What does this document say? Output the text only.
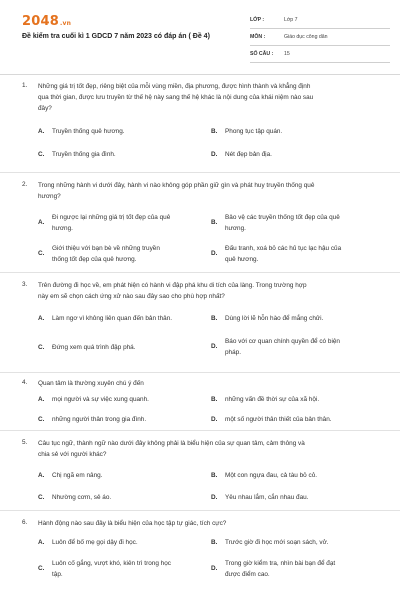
2048.vn
Đề kiểm tra cuối kì 1 GDCD 7 năm 2023 có đáp án ( Đề 4)
LỚP :	Lớp 7
MÔN :	Giáo dục công dân
SỐ CÂU : 15
1. Những giá trị tốt đẹp, riêng biệt của mỗi vùng miền, địa phương, được hình thành và khẳng định
qua thời gian, được lưu truyền từ thế hệ này sang thế hệ khác là nội dung của khái niệm nào sau
đây?
A. Truyền thống quê hương.	B. Phong tục tập quán.
C. Truyền thống gia đình.	D. Nét đẹp bản địa.
2. Trong những hành vi dưới đây, hành vi nào không góp phần giữ gìn và phát huy truyền thống quê
hương?
A.
Đi ngược lại những giá trị tốt đẹp của quê
hương.
B.
Bảo vệ các truyền thống tốt đẹp của quê
hương.
C.
Giới thiệu với bạn bè về những truyền
thống tốt đẹp của quê hương.
D.
Đấu tranh, xoá bỏ các hủ tục lạc hậu của
quê hương.
3. Trên đường đi học về, em phát hiện có hành vi đập phá khu di tích của làng. Trong trường hợp
này em sẽ chọn cách ứng xử nào sau đây sao cho phù hợp nhất?
A. Làm ngơ vì không liên quan đến bản thân.	B. Dùng lời lẽ hỗn hào để mắng chửi.
C. Đứng xem quá trình đập phá.	D.
Báo với cơ quan chính quyền để có biện
pháp.
4. Quan tâm là thường xuyên chú ý đến
A. mọi người và sự việc xung quanh.	B. những vấn đề thời sự của xã hội.
C. những người thân trong gia đình.	D. một số người thân thiết của bản thân.
5. Câu tục ngữ, thành ngữ nào dưới đây không phải là biểu hiện của sự quan tâm, cảm thông và
chia sẻ với người khác?
A. Chị ngã em nâng.	B. Một con ngựa đau, cả tàu bỏ cỏ.
C. Nhường cơm, sẻ áo.	D. Yêu nhau lắm, cắn nhau đau.
6. Hành động nào sau đây là biểu hiện của học tập tự giác, tích cực?
A. Luôn để bố mẹ gọi dậy đi học.	B. Trước giờ đi học mới soạn sách, vở.
C.
Luôn cố gắng, vượt khó, kiên trì trong học
tập.
D.
Trong giờ kiểm tra, nhìn bài bạn để đạt
được điểm cao.
